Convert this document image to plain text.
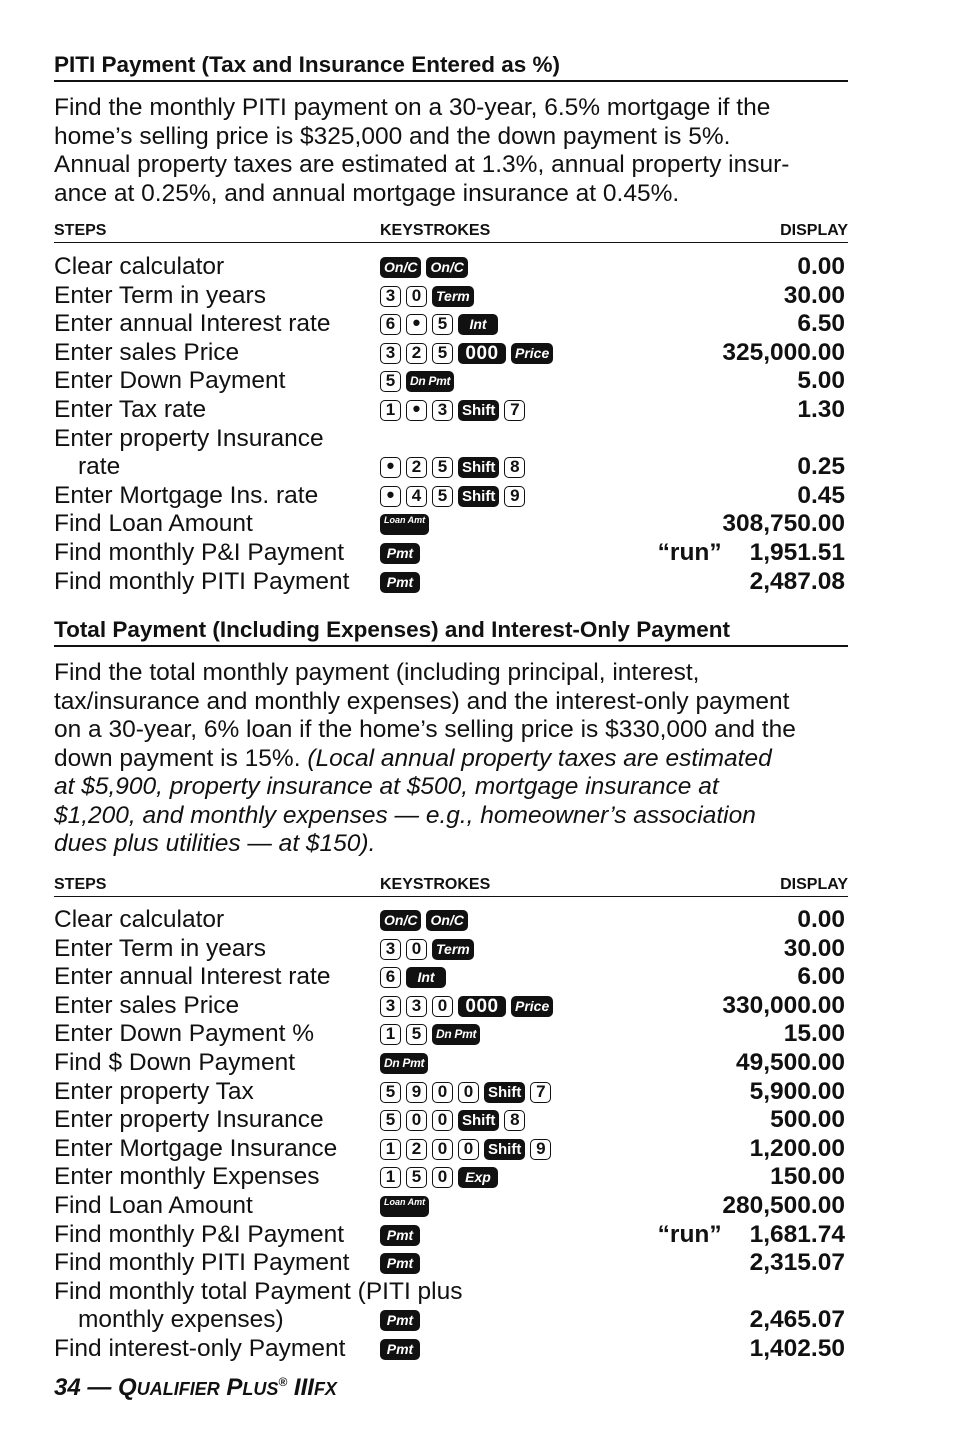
PITI Payment (Tax and Insurance Entered as %)
Find the monthly PITI payment on a 30-year, 6.5% mortgage if the
home’s selling price is $325,000 and the down payment is 5%.
Annual property taxes are estimated at 1.3%, annual property insur-
ance at 0.25%, and annual mortgage insurance at 0.45%.
STEPS	KEYSTROKES	DISPLAY
Clear calculator	On/C On/C	0.00
Enter Term in years	3 0 Term	30.00
Enter annual Interest rate	6 • 5 Int	6.50
Enter sales Price	3 2 5 000 Price	325,000.00
Enter Down Payment	5 Dn Pmt	5.00
Enter Tax rate	1 • 3 Shift 7	1.30
Enter property Insurance
rate	• 2 5 Shift 8	0.25
Enter Mortgage Ins. rate	• 4 5 Shift 9	0.45
Find Loan Amount	Loan Amt	308,750.00
Find monthly P&I Payment	Pmt	“run” 1,951.51
Find monthly PITI Payment	Pmt	2,487.08
Total Payment (Including Expenses) and Interest-Only Payment
Find the total monthly payment (including principal, interest,
tax/insurance and monthly expenses) and the interest-only payment
on a 30-year, 6% loan if the home’s selling price is $330,000 and the
down payment is 15%. (Local annual property taxes are estimated
at $5,900, property insurance at $500, mortgage insurance at
$1,200, and monthly expenses — e.g., homeowner’s association
dues plus utilities — at $150).
STEPS	KEYSTROKES	DISPLAY
Clear calculator	On/C On/C	0.00
Enter Term in years	3 0 Term	30.00
Enter annual Interest rate	6 Int	6.00
Enter sales Price	3 3 0 000 Price	330,000.00
Enter Down Payment %	1 5 Dn Pmt	15.00
Find $ Down Payment	Dn Pmt	49,500.00
Enter property Tax	5 9 0 0 Shift 7	5,900.00
Enter property Insurance	5 0 0 Shift 8	500.00
Enter Mortgage Insurance	1 2 0 0 Shift 9	1,200.00
Enter monthly Expenses	1 5 0 Exp	150.00
Find Loan Amount	Loan Amt	280,500.00
Find monthly P&I Payment	Pmt	“run” 1,681.74
Find monthly PITI Payment	Pmt	2,315.07
Find monthly total Payment (PITI plus
monthly expenses)	Pmt	2,465.07
Find interest-only Payment	Pmt	1,402.50
34 — QUALIFIER PLUS® IIIFX
